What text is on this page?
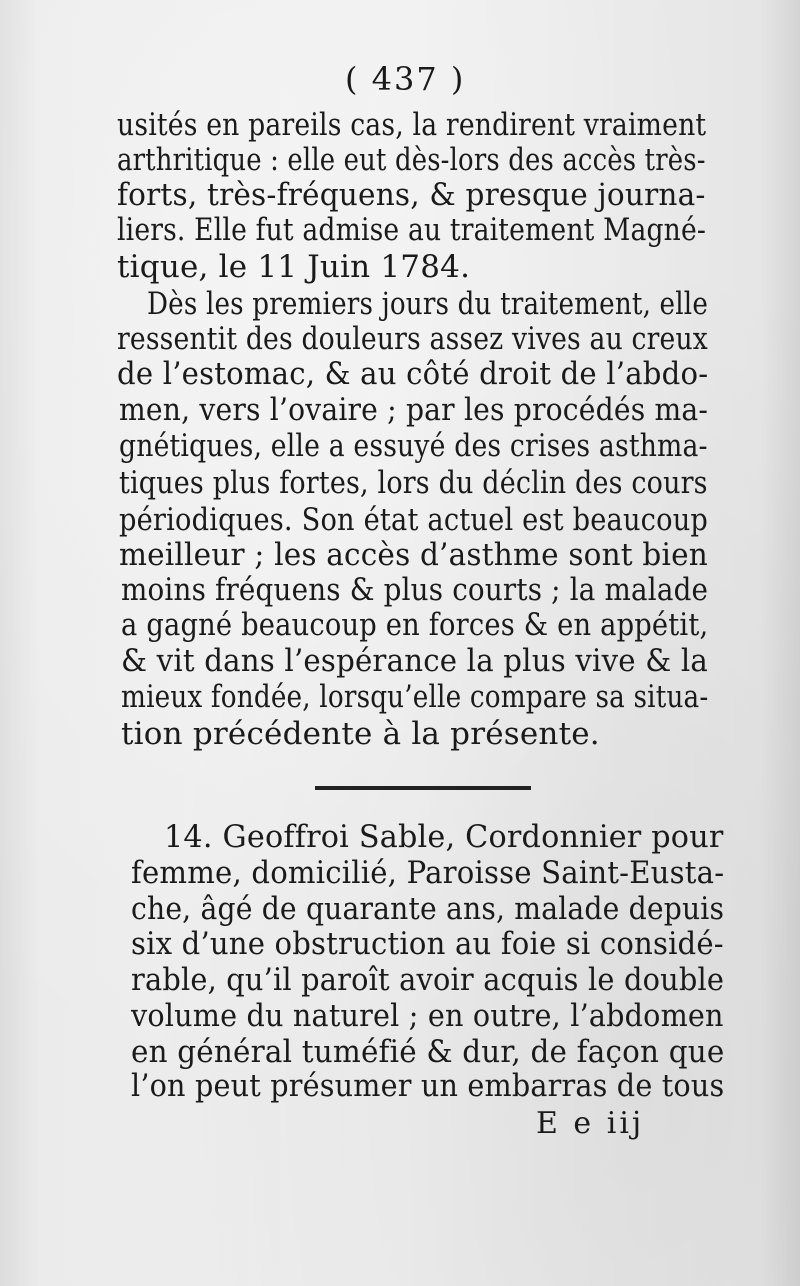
( 437 )
usités en pareils cas, la rendirent vraiment
arthritique : elle eut dès-lors des accès très-
forts, très-fréquens, & presque journa-
liers. Elle fut admise au traitement Magné-
tique, le 11 Juin 1784.
Dès les premiers jours du traitement, elle
ressentit des douleurs assez vives au creux
de l’estomac, & au côté droit de l’abdo-
men, vers l’ovaire ; par les procédés ma-
gnétiques, elle a essuyé des crises asthma-
tiques plus fortes, lors du déclin des cours
périodiques. Son état actuel est beaucoup
meilleur ; les accès d’asthme sont bien
moins fréquens & plus courts ; la malade
a gagné beaucoup en forces & en appétit,
& vit dans l’espérance la plus vive & la
mieux fondée, lorsqu’elle compare sa situa-
tion précédente à la présente.
14. Geoffroi Sable, Cordonnier pour
femme, domicilié, Paroisse Saint-Eusta-
che, âgé de quarante ans, malade depuis
six d’une obstruction au foie si considé-
rable, qu’il paroît avoir acquis le double
volume du naturel ; en outre, l’abdomen
en général tuméfié & dur, de façon que
l’on peut présumer un embarras de tous
E e iij
